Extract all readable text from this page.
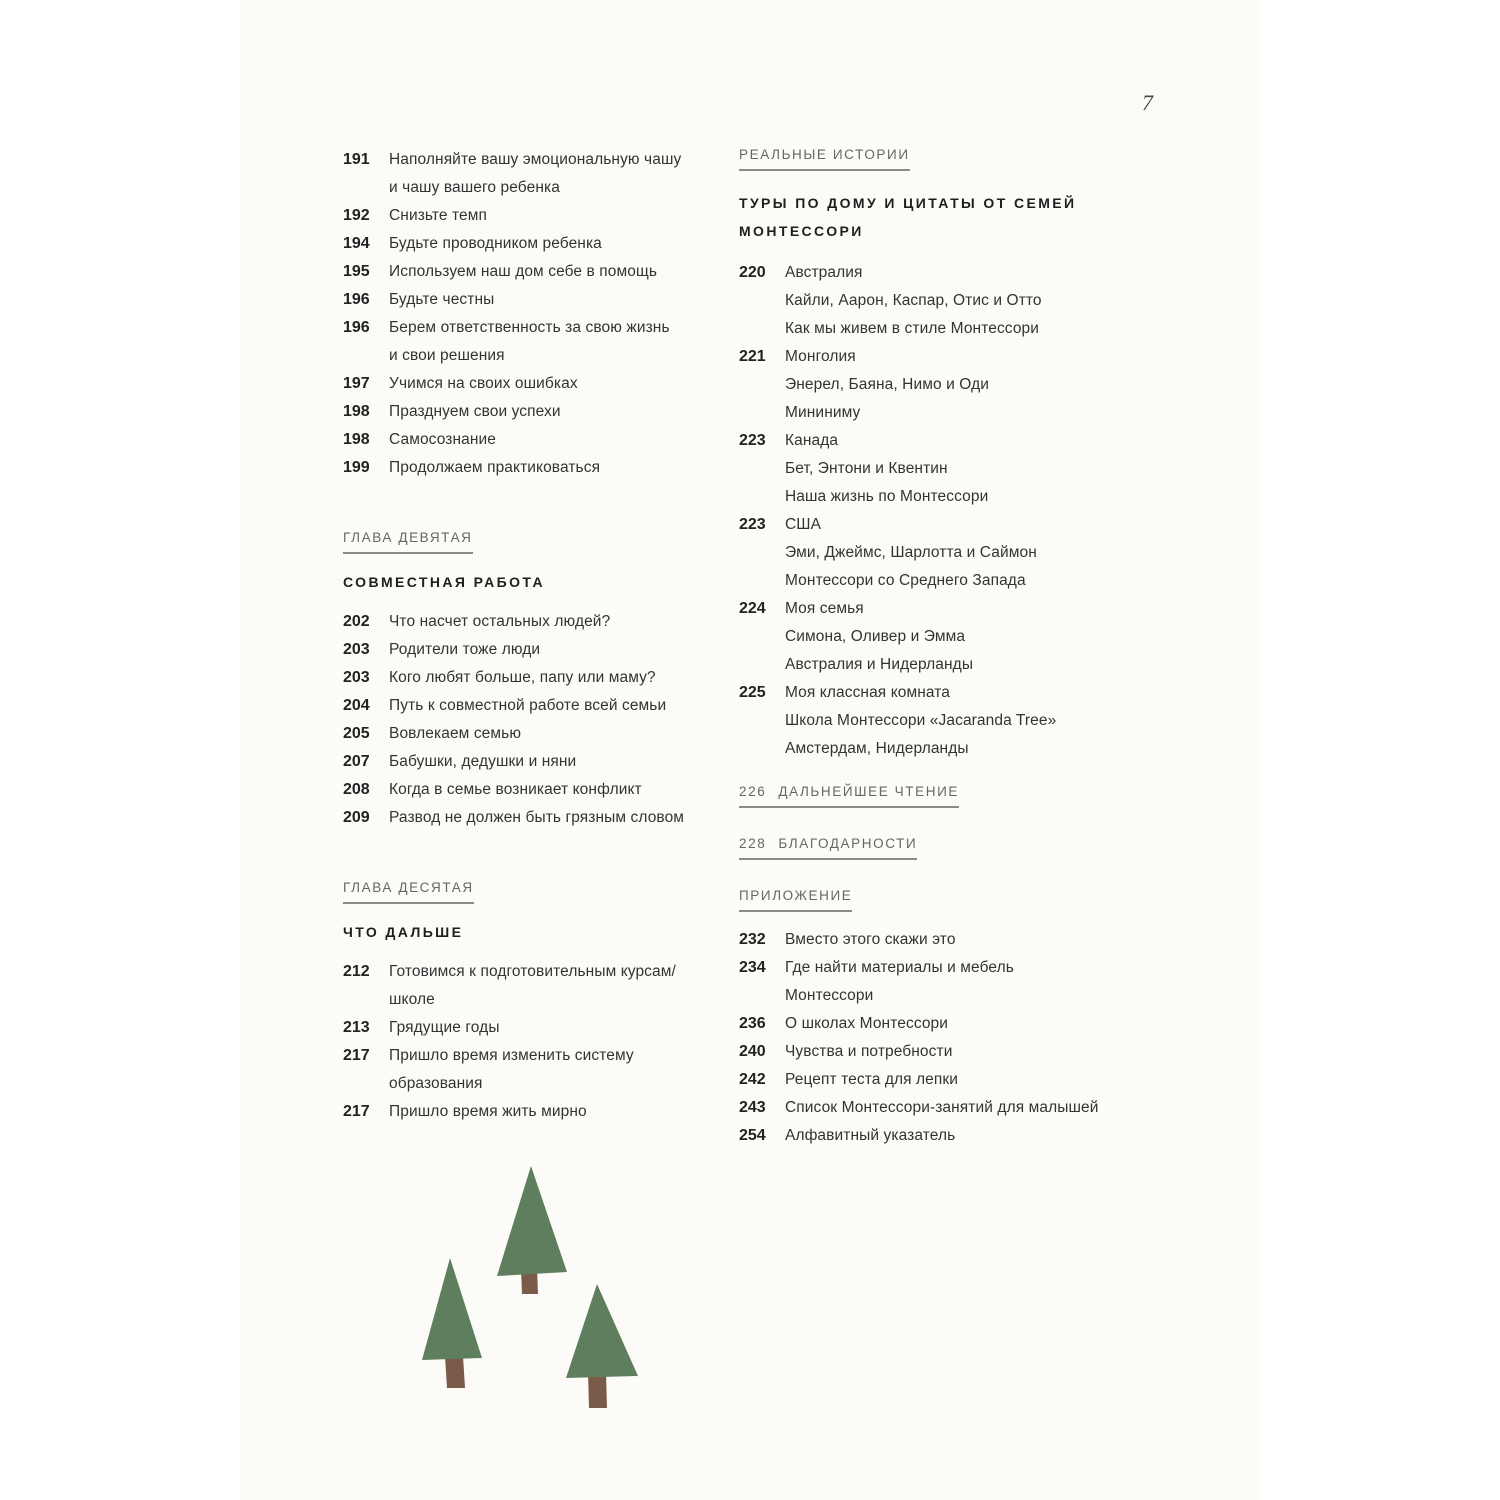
7
191	Наполняйте вашу эмоциональную чашу
и чашу вашего ребенка
192	Снизьте темп
194	Будьте проводником ребенка
195	Используем наш дом себе в помощь
196	Будьте честны
196	Берем ответственность за свою жизнь
и свои решения
197	Учимся на своих ошибках
198	Празднуем свои успехи
198	Самосознание
199	Продолжаем практиковаться
ГЛАВА ДЕВЯТАЯ
СОВМЕСТНАЯ РАБОТА
202	Что насчет остальных людей?
203	Родители тоже люди
203	Кого любят больше, папу или маму?
204	Путь к совместной работе всей семьи
205	Вовлекаем семью
207	Бабушки, дедушки и няни
208	Когда в семье возникает конфликт
209	Развод не должен быть грязным словом
ГЛАВА ДЕСЯТАЯ
ЧТО ДАЛЬШЕ
212	Готовимся к подготовительным курсам/
школе
213	Грядущие годы
217	Пришло время изменить систему
образования
217	Пришло время жить мирно
РЕАЛЬНЫЕ ИСТОРИИ
ТУРЫ ПО ДОМУ И ЦИТАТЫ ОТ СЕМЕЙ
МОНТЕССОРИ
220	Австралия
Кайли, Аарон, Каспар, Отис и Отто
Как мы живем в стиле Монтессори
221	Монголия
Энерел, Баяна, Нимо и Оди
Мининиму
223	Канада
Бет, Энтони и Квентин
Наша жизнь по Монтессори
223	США
Эми, Джеймс, Шарлотта и Саймон
Монтессори со Среднего Запада
224	Моя семья
Симона, Оливер и Эмма
Австралия и Нидерланды
225	Моя классная комната
Школа Монтессори «Jacaranda Tree»
Амстердам, Нидерланды
226 ДАЛЬНЕЙШЕЕ ЧТЕНИЕ
228 БЛАГОДАРНОСТИ
ПРИЛОЖЕНИЕ
232	Вместо этого скажи это
234	Где найти материалы и мебель
Монтессори
236	О школах Монтессори
240	Чувства и потребности
242	Рецепт теста для лепки
243	Список Монтессори-занятий для малышей
254	Алфавитный указатель
